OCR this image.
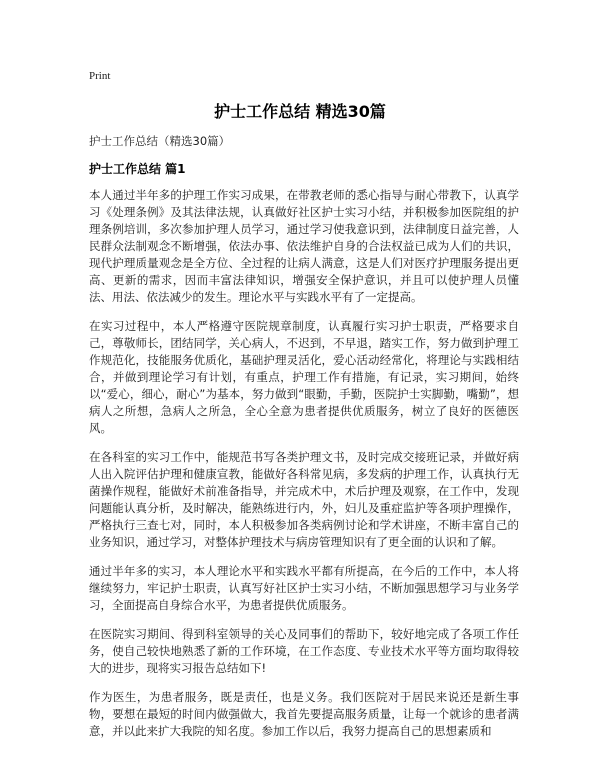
Print
护士工作总结 精选30篇
护士工作总结（精选30篇）
护士工作总结 篇1

本人通过半年多的护理工作实习成果，在带教老师的悉心指导与耐心带教下，认真学习《处理条例》及其法律法规，认真做好社区护士实习小结，并积极参加医院组的护理条例培训，多次参加护理人员学习，通过学习使我意识到，法律制度日益完善，人民群众法制观念不断增强，依法办事、依法维护自身的合法权益已成为人们的共识，现代护理质量观念是全方位、全过程的让病人满意，这是人们对医疗护理服务提出更高、更新的需求，因而丰富法律知识，增强安全保护意识，并且可以使护理人员懂法、用法、依法减少的发生。理论水平与实践水平有了一定提高。

在实习过程中，本人严格遵守医院规章制度，认真履行实习护士职责，严格要求自己，尊敬师长，团结同学，关心病人，不迟到，不早退，踏实工作，努力做到护理工作规范化，技能服务优质化，基础护理灵活化，爱心活动经常化，将理论与实践相结合，并做到理论学习有计划，有重点，护理工作有措施，有记录，实习期间，始终以“爱心，细心，耐心”为基本，努力做到“眼勤，手勤，医院护士实脚勤，嘴勤”，想病人之所想，急病人之所急，全心全意为患者提供优质服务，树立了良好的医德医风。

在各科室的实习工作中，能规范书写各类护理文书，及时完成交接班记录，并做好病人出入院评估护理和健康宣教，能做好各科常见病，多发病的护理工作，认真执行无菌操作规程，能做好术前准备指导，并完成术中，术后护理及观察，在工作中，发现问题能认真分析，及时解决，能熟练进行内，外，妇儿及重症监护等各项护理操作，严格执行三查七对，同时，本人积极参加各类病例讨论和学术讲座，不断丰富自己的 业务知识，通过学习，对整体护理技术与病房管理知识有了更全面的认识和了解。

通过半年多的实习，本人理论水平和实践水平都有所提高，在今后的工作中，本人将继续努力，牢记护士职责，认真写好社区护士实习小结，不断加强思想学习与业务学习，全面提高自身综合水平，为患者提供优质服务。

在医院实习期间、得到科室领导的关心及同事们的帮助下，较好地完成了各项工作任务，使自己较快地熟悉了新的工作环境，在工作态度、专业技术水平等方面均取得较大的进步，现将实习报告总结如下!

作为医生，为患者服务，既是责任，也是义务。我们医院对于居民来说还是新生事物，要想在最短的时间内做强做大，我首先要提高服务质量，让每一个就诊的患者满意，并以此来扩大我院的知名度。参加工作以后，我努力提高自己的思想素质和
